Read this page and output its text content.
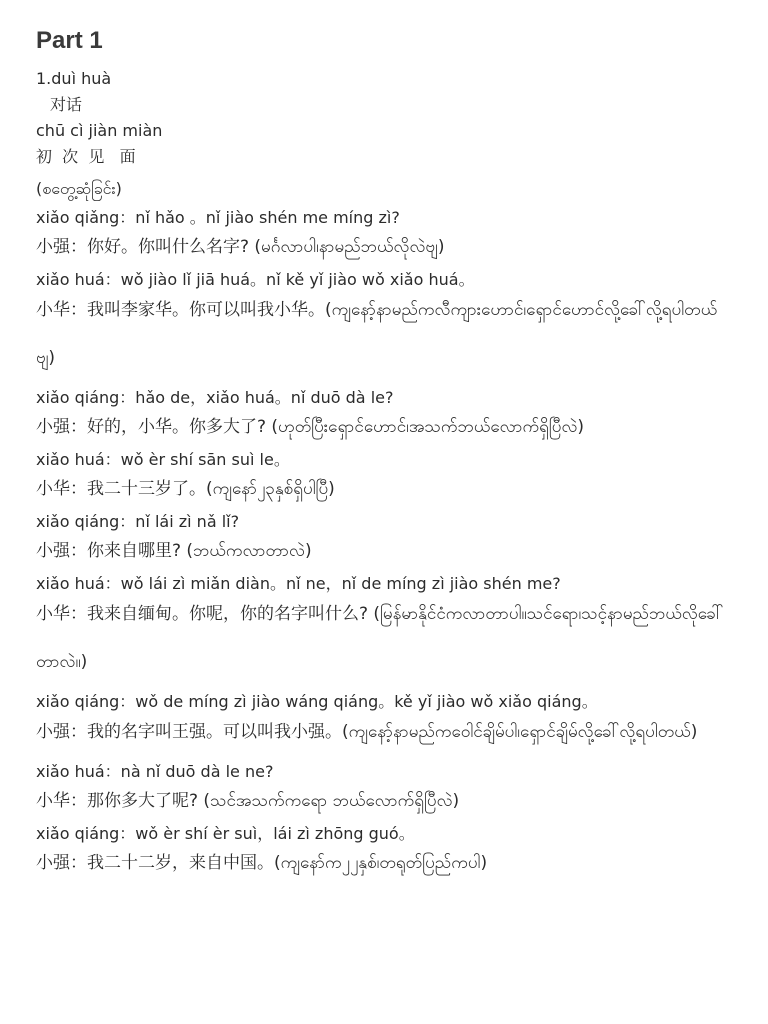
Part 1
1.duì huà
对话
chū cì jiàn miàn
初  次  见   面
(စတွေ့ဆုံခြင်း)
xiǎo qiǎng：nǐ hǎo 。nǐ jiào shén me míng zì?
小强：你好。你叫什么名字? (မင်္ဂလာပါ၊နာမည်ဘယ်လိုလဲဗျ)
xiǎo huá：wǒ jiào lǐ jiā huá。nǐ kě yǐ jiào wǒ xiǎo huá。
小华：我叫李家华。你可以叫我小华。(ကျနော့်နာမည်ကလီကျားဟောင်၊ရှောင်ဟောင်လို့ခေါ်လို့ရပါတယ်ဗျ)
xiǎo qiáng：hǎo de，xiǎo huá。nǐ duō dà le?
小强：好的，小华。你多大了? (ဟုတ်ပြီးရှောင်ဟောင်၊အသက်ဘယ်လောက်ရှိပြီလဲ)
xiǎo huá：wǒ èr shí sān suì le。
小华：我二十三岁了。(ကျနော်၂၃နှစ်ရှိပါပြီ)
xiǎo qiáng：nǐ lái zì nǎ lǐ?
小强：你来自哪里? (ဘယ်ကလာတာလဲ)
xiǎo huá：wǒ lái zì miǎn diàn。nǐ ne，nǐ de míng zì jiào shén me?
小华：我来自缅甸。你呢，你的名字叫什么? (မြန်မာနိုင်ငံကလာတာပါ။သင်ရော၊သင့်နာမည်ဘယ်လိုခေါ်တာလဲ။)
xiǎo qiáng：wǒ de míng zì jiào wáng qiáng。kě yǐ jiào wǒ xiǎo qiáng。
小强：我的名字叫王强。可以叫我小强。(ကျနော့်နာမည်ကဝေါင်ချိမ်ပါ၊ရှောင်ချိမ်လို့ခေါ်လို့ရပါတယ်)
xiǎo huá：nà nǐ duō dà le ne?
小华：那你多大了呢? (သင်အသက်ကရော ဘယ်လောက်ရှိပြီလဲ)
xiǎo qiáng：wǒ èr shí èr suì，lái zì zhōng guó。
小强：我二十二岁，来自中国。(ကျနော်က၂၂နှစ်၊တရုတ်ပြည်ကပါ)
